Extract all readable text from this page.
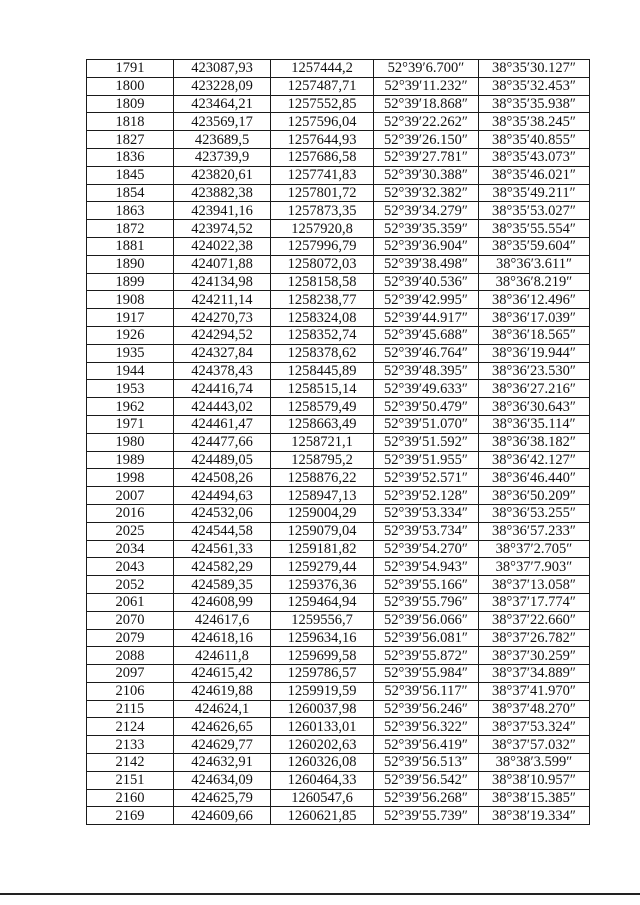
1791	423087,93	1257444,2	52°39′6.700″	38°35′30.127″
1800	423228,09	1257487,71	52°39′11.232″	38°35′32.453″
1809	423464,21	1257552,85	52°39′18.868″	38°35′35.938″
1818	423569,17	1257596,04	52°39′22.262″	38°35′38.245″
1827	423689,5	1257644,93	52°39′26.150″	38°35′40.855″
1836	423739,9	1257686,58	52°39′27.781″	38°35′43.073″
1845	423820,61	1257741,83	52°39′30.388″	38°35′46.021″
1854	423882,38	1257801,72	52°39′32.382″	38°35′49.211″
1863	423941,16	1257873,35	52°39′34.279″	38°35′53.027″
1872	423974,52	1257920,8	52°39′35.359″	38°35′55.554″
1881	424022,38	1257996,79	52°39′36.904″	38°35′59.604″
1890	424071,88	1258072,03	52°39′38.498″	38°36′3.611″
1899	424134,98	1258158,58	52°39′40.536″	38°36′8.219″
1908	424211,14	1258238,77	52°39′42.995″	38°36′12.496″
1917	424270,73	1258324,08	52°39′44.917″	38°36′17.039″
1926	424294,52	1258352,74	52°39′45.688″	38°36′18.565″
1935	424327,84	1258378,62	52°39′46.764″	38°36′19.944″
1944	424378,43	1258445,89	52°39′48.395″	38°36′23.530″
1953	424416,74	1258515,14	52°39′49.633″	38°36′27.216″
1962	424443,02	1258579,49	52°39′50.479″	38°36′30.643″
1971	424461,47	1258663,49	52°39′51.070″	38°36′35.114″
1980	424477,66	1258721,1	52°39′51.592″	38°36′38.182″
1989	424489,05	1258795,2	52°39′51.955″	38°36′42.127″
1998	424508,26	1258876,22	52°39′52.571″	38°36′46.440″
2007	424494,63	1258947,13	52°39′52.128″	38°36′50.209″
2016	424532,06	1259004,29	52°39′53.334″	38°36′53.255″
2025	424544,58	1259079,04	52°39′53.734″	38°36′57.233″
2034	424561,33	1259181,82	52°39′54.270″	38°37′2.705″
2043	424582,29	1259279,44	52°39′54.943″	38°37′7.903″
2052	424589,35	1259376,36	52°39′55.166″	38°37′13.058″
2061	424608,99	1259464,94	52°39′55.796″	38°37′17.774″
2070	424617,6	1259556,7	52°39′56.066″	38°37′22.660″
2079	424618,16	1259634,16	52°39′56.081″	38°37′26.782″
2088	424611,8	1259699,58	52°39′55.872″	38°37′30.259″
2097	424615,42	1259786,57	52°39′55.984″	38°37′34.889″
2106	424619,88	1259919,59	52°39′56.117″	38°37′41.970″
2115	424624,1	1260037,98	52°39′56.246″	38°37′48.270″
2124	424626,65	1260133,01	52°39′56.322″	38°37′53.324″
2133	424629,77	1260202,63	52°39′56.419″	38°37′57.032″
2142	424632,91	1260326,08	52°39′56.513″	38°38′3.599″
2151	424634,09	1260464,33	52°39′56.542″	38°38′10.957″
2160	424625,79	1260547,6	52°39′56.268″	38°38′15.385″
2169	424609,66	1260621,85	52°39′55.739″	38°38′19.334″
